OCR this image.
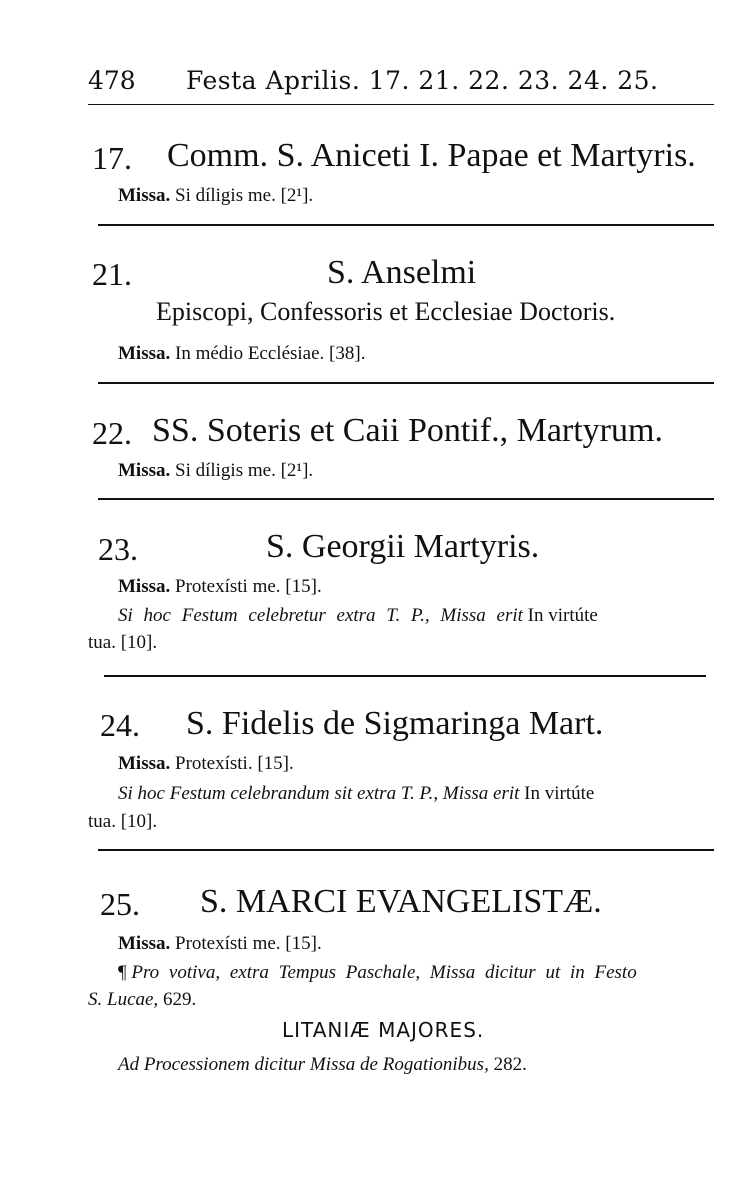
478 Festa Aprilis. 17. 21. 22. 23. 24. 25.
17. Comm. S. Aniceti I. Papae et Martyris.
Missa. Si díligis me. [2¹].
21.	S. Anselmi
Episcopi, Confessoris et Ecclesiae Doctoris.
Missa. In médio Ecclésiae. [38].
22. SS. Soteris et Caii Pontif., Martyrum.
Missa. Si díligis me. [2¹].
23.	S. Georgii Martyris.
Missa. Protexísti me. [15].
Si hoc Festum celebretur extra T. P., Missa erit In virtúte
tua. [10].
24. S. Fidelis de Sigmaringa Mart.
Missa. Protexísti. [15].
Si hoc Festum celebrandum sit extra T. P., Missa erit In virtúte
tua. [10].
25. S. MARCI EVANGELISTÆ.
Missa. Protexísti me. [15].
¶ Pro votiva, extra Tempus Paschale, Missa dicitur ut in Festo
S. Lucae, 629.
LITANIÆ MAJORES.
Ad Processionem dicitur Missa de Rogationibus, 282.
